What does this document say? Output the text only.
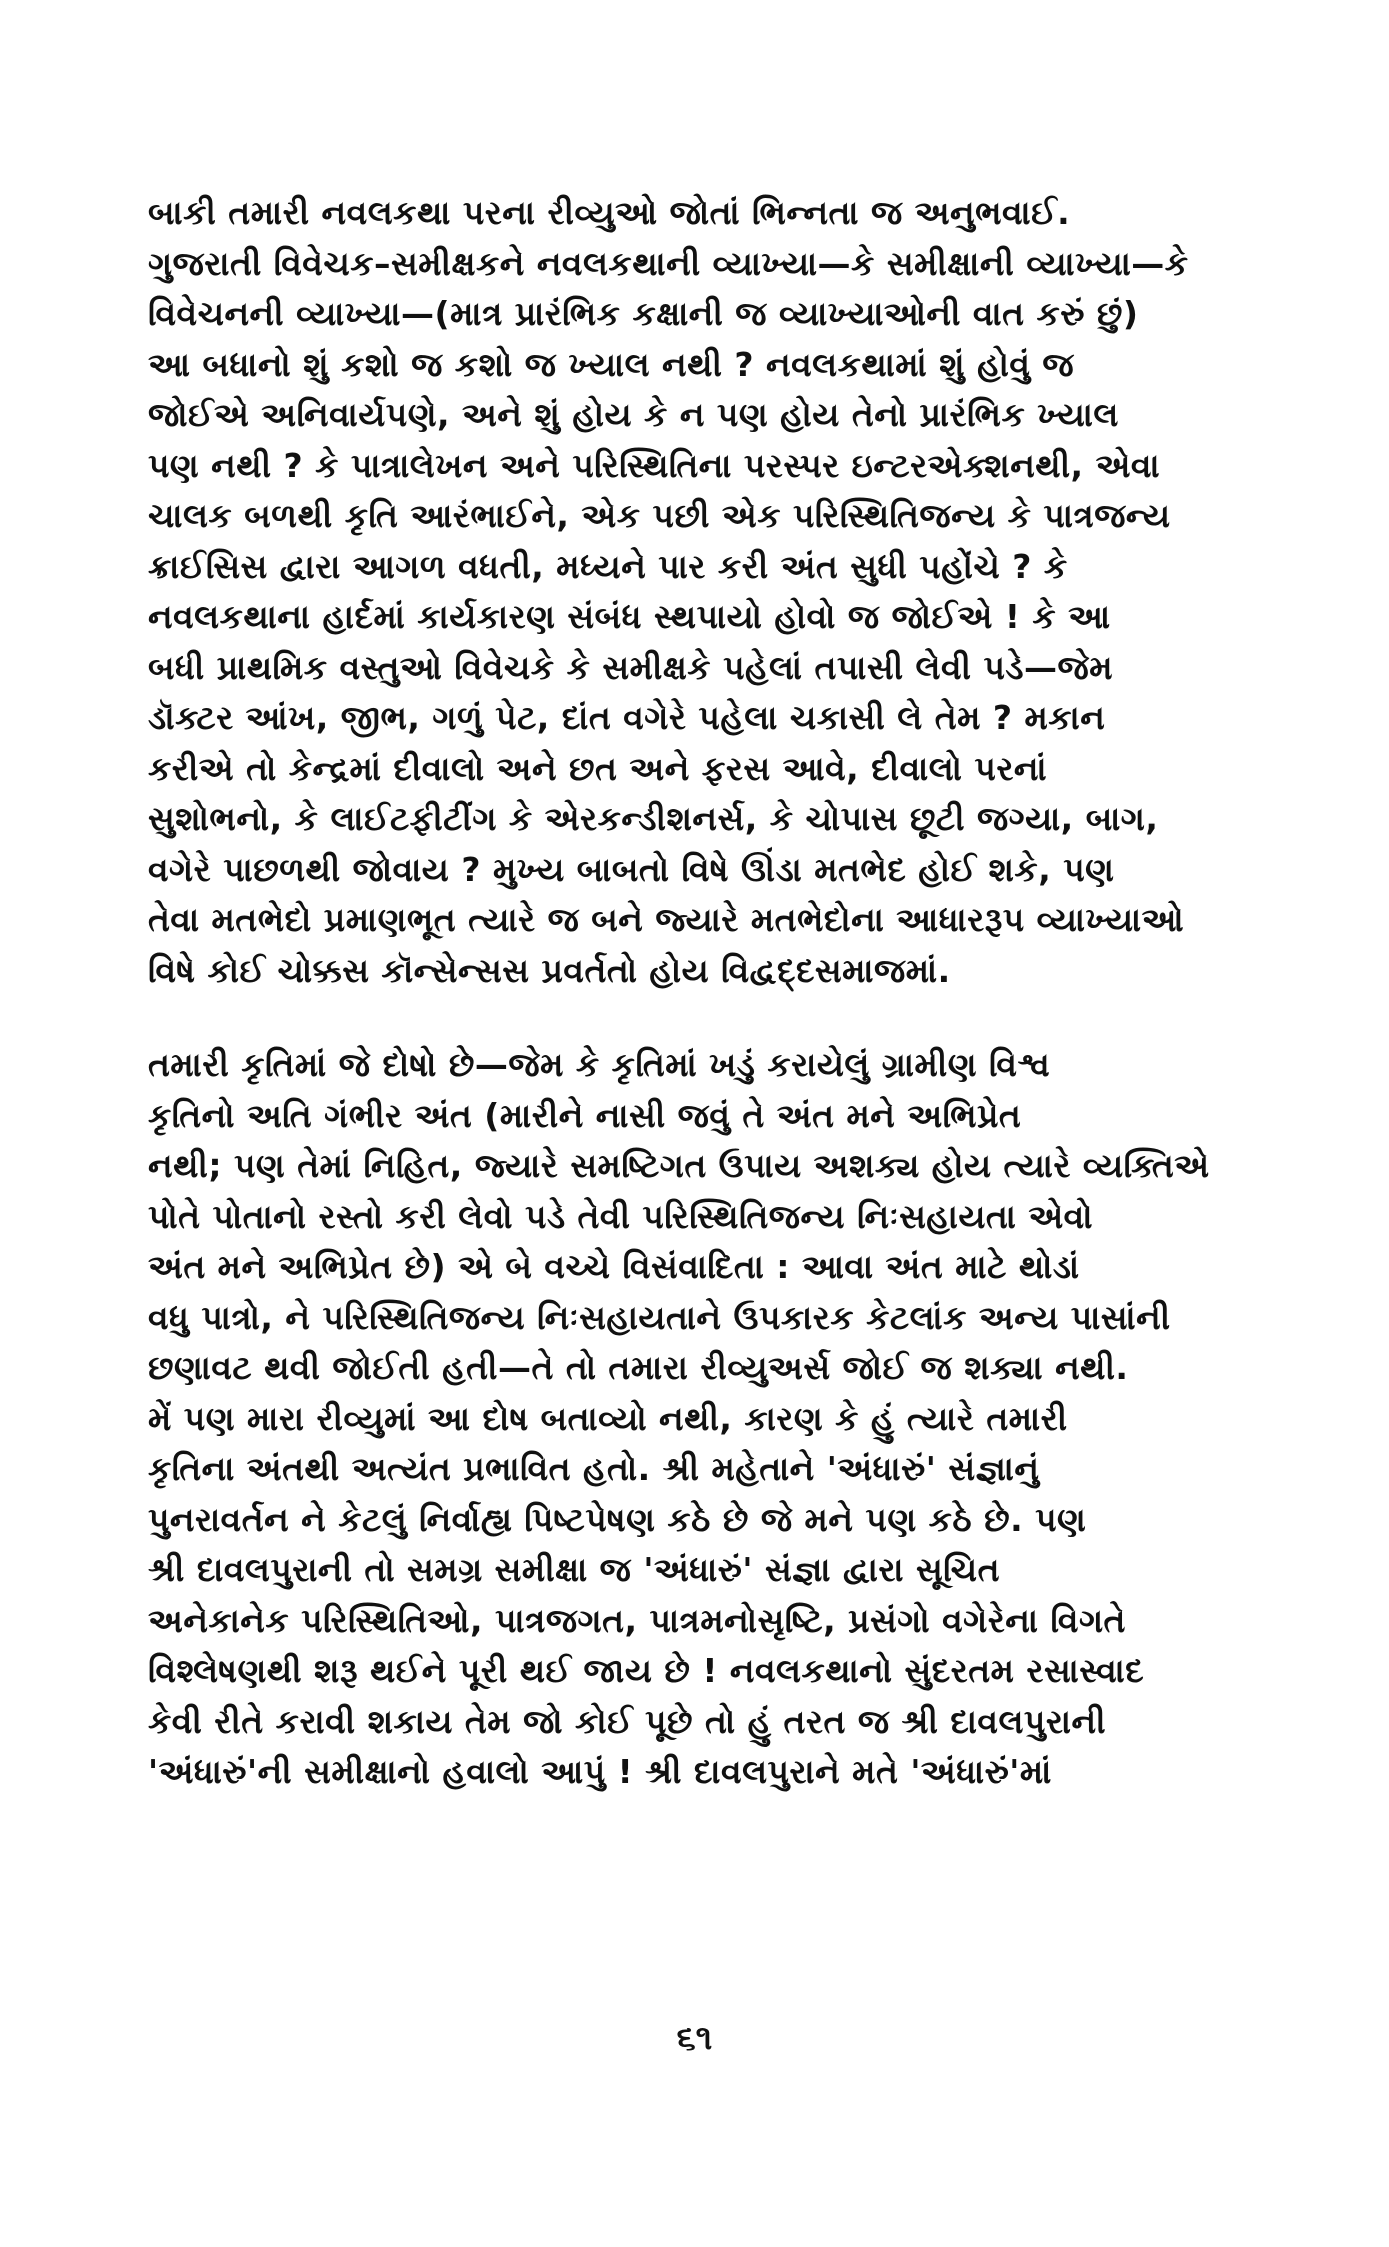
બાકી તમારી નવલકથા પરના રીવ્યુઓ જોતાં ભિન્નતા જ અનુભવાઈ.
ગુજરાતી વિવેચક–સમીક્ષકને નવલકથાની વ્યાખ્યા—કે સમીક્ષાની વ્યાખ્યા—કે
વિવેચનની વ્યાખ્યા—(માત્ર પ્રારંભિક કક્ષાની જ વ્યાખ્યાઓની વાત કરું છું)
આ બધાનો શું કશો જ કશો જ ખ્યાલ નથી ? નવલકથામાં શું હોવું જ
જોઈએ અનિવાર્યપણે, અને શું હોય કે ન પણ હોય તેનો પ્રારંભિક ખ્યાલ
પણ નથી ? કે પાત્રાલેખન અને પરિસ્થિતિના પરસ્પર ઇન્ટરએક્શનથી, એવા
ચાલક બળથી કૃતિ આરંભાઈને, એક પછી એક પરિસ્થિતિજન્ય કે પાત્રજન્ય
ક્રાઈસિસ દ્વારા આગળ વધતી, મધ્યને પાર કરી અંત સુધી પહોંચે ? કે
નવલકથાના હાર્દમાં કાર્યકારણ સંબંધ સ્થપાયો હોવો જ જોઈએ ! કે આ
બધી પ્રાથમિક વસ્તુઓ વિવેચકે કે સમીક્ષકે પહેલાં તપાસી લેવી પડે—જેમ
ડૉક્ટર આંખ, જીભ, ગળું પેટ, દાંત વગેરે પહેલા ચકાસી લે તેમ ? મકાન
કરીએ તો કેન્દ્રમાં દીવાલો અને છત અને ફરસ આવે, દીવાલો પરનાં
સુશોભનો, કે લાઈટફીટીંગ કે એરકન્ડીશનર્સ, કે ચોપાસ છૂટી જગ્યા, બાગ,
વગેરે પાછળથી જોવાય ? મુખ્ય બાબતો વિષે ઊંડા મતભેદ હોઈ શકે, પણ
તેવા મતભેદો પ્રમાણભૂત ત્યારે જ બને જ્યારે મતભેદોના આધારરૂપ વ્યાખ્યાઓ
વિષે કોઈ ચોક્કસ કૉન્સેન્સસ પ્રવર્તતો હોય વિદ્વદ્દસમાજમાં.
તમારી કૃતિમાં જે દોષો છે—જેમ કે કૃતિમાં ખડું કરાયેલું ગ્રામીણ વિશ્વ
કૃતિનો અતિ ગંભીર અંત (મારીને નાસી જવું તે અંત મને અભિપ્રેત
નથી; પણ તેમાં નિહિત, જ્યારે સમષ્ટિગત ઉપાય અશક્ય હોય ત્યારે વ્યક્તિએ
પોતે પોતાનો રસ્તો કરી લેવો પડે તેવી પરિસ્થિતિજન્ય નિઃસહાયતા એવો
અંત મને અભિપ્રેત છે) એ બે વચ્ચે વિસંવાદિતા : આવા અંત માટે થોડાં
વધુ પાત્રો, ને પરિસ્થિતિજન્ય નિઃસહાયતાને ઉપકારક કેટલાંક અન્ય પાસાંની
છણાવટ થવી જોઈતી હતી—તે તો તમારા રીવ્યુઅર્સ જોઈ જ શક્યા નથી.
મેં પણ મારા રીવ્યુમાં આ દોષ બતાવ્યો નથી, કારણ કે હું ત્યારે તમારી
કૃતિના અંતથી અત્યંત પ્રભાવિત હતો. શ્રી મહેતાને 'અંધારું' સંજ્ઞાનું
પુનરાવર્તન ને કેટલું નિર્વાહ્ય પિષ્ટપેષણ કઠે છે જે મને પણ કઠે છે. પણ
શ્રી દાવલપુરાની તો સમગ્ર સમીક્ષા જ 'અંધારું' સંજ્ઞા દ્વારા સૂચિત
અનેકાનેક પરિસ્થિતિઓ, પાત્રજગત, પાત્રમનોસૃષ્ટિ, પ્રસંગો વગેરેના વિગતે
વિશ્લેષણથી શરૂ થઈને પૂરી થઈ જાય છે ! નવલકથાનો સુંદરતમ રસાસ્વાદ
કેવી રીતે કરાવી શકાય તેમ જો કોઈ પૂછે તો હું તરત જ શ્રી દાવલપુરાની
'અંધારું'ની સમીક્ષાનો હવાલો આપું ! શ્રી દાવલપુરાને મતે 'અંધારું'માં
૬૧
